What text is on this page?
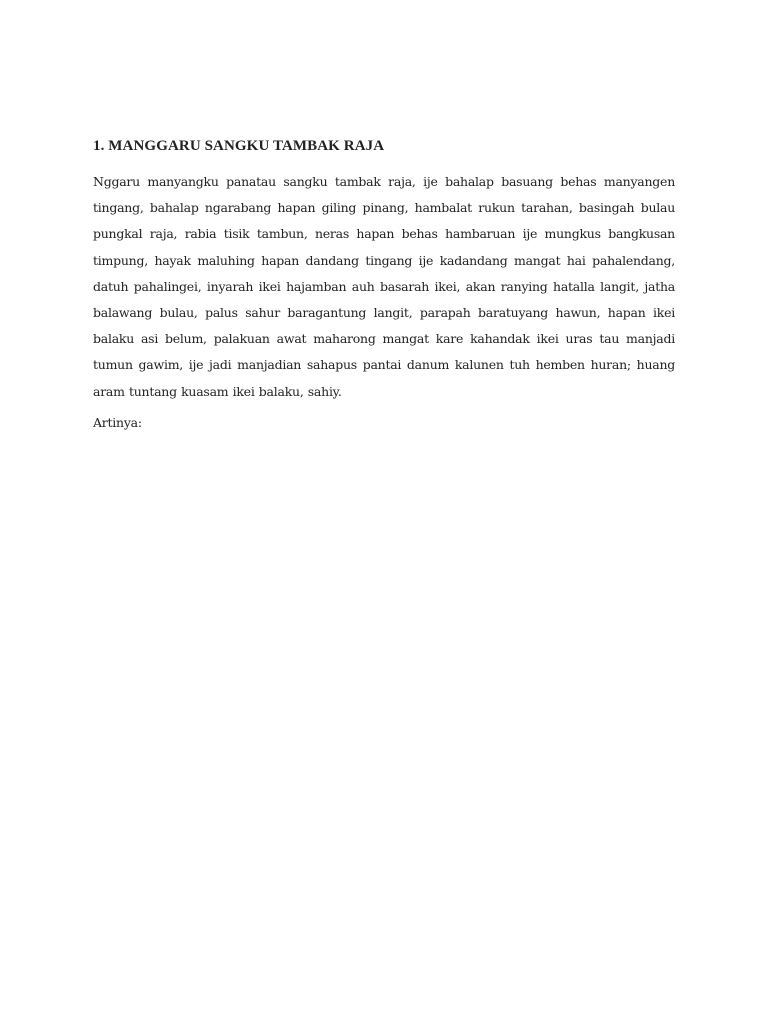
1. MANGGARU SANGKU TAMBAK RAJA

Nggaru manyangku panatau sangku tambak raja, ije bahalap basuang behas manyangen tingang, bahalap ngarabang hapan giling pinang, hambalat rukun tarahan, basingah bulau pungkal raja, rabia tisik tambun, neras hapan behas hambaruan ije mungkus bangkusan timpung, hayak maluhing hapan dandang tingang ije kadandang mangat hai pahalendang, datuh pahalingei, inyarah ikei hajamban auh basarah ikei, akan ranying hatalla langit, jatha balawang bulau, palus sahur baragantung langit, parapah baratuyang hawun, hapan ikei balaku asi belum, palakuan awat maharong mangat kare kahandak ikei uras tau manjadi tumun gawim, ije jadi manjadian sahapus pantai danum kalunen tuh hemben huran; huang aram tuntang kuasam ikei balaku, sahiy.

Artinya:
